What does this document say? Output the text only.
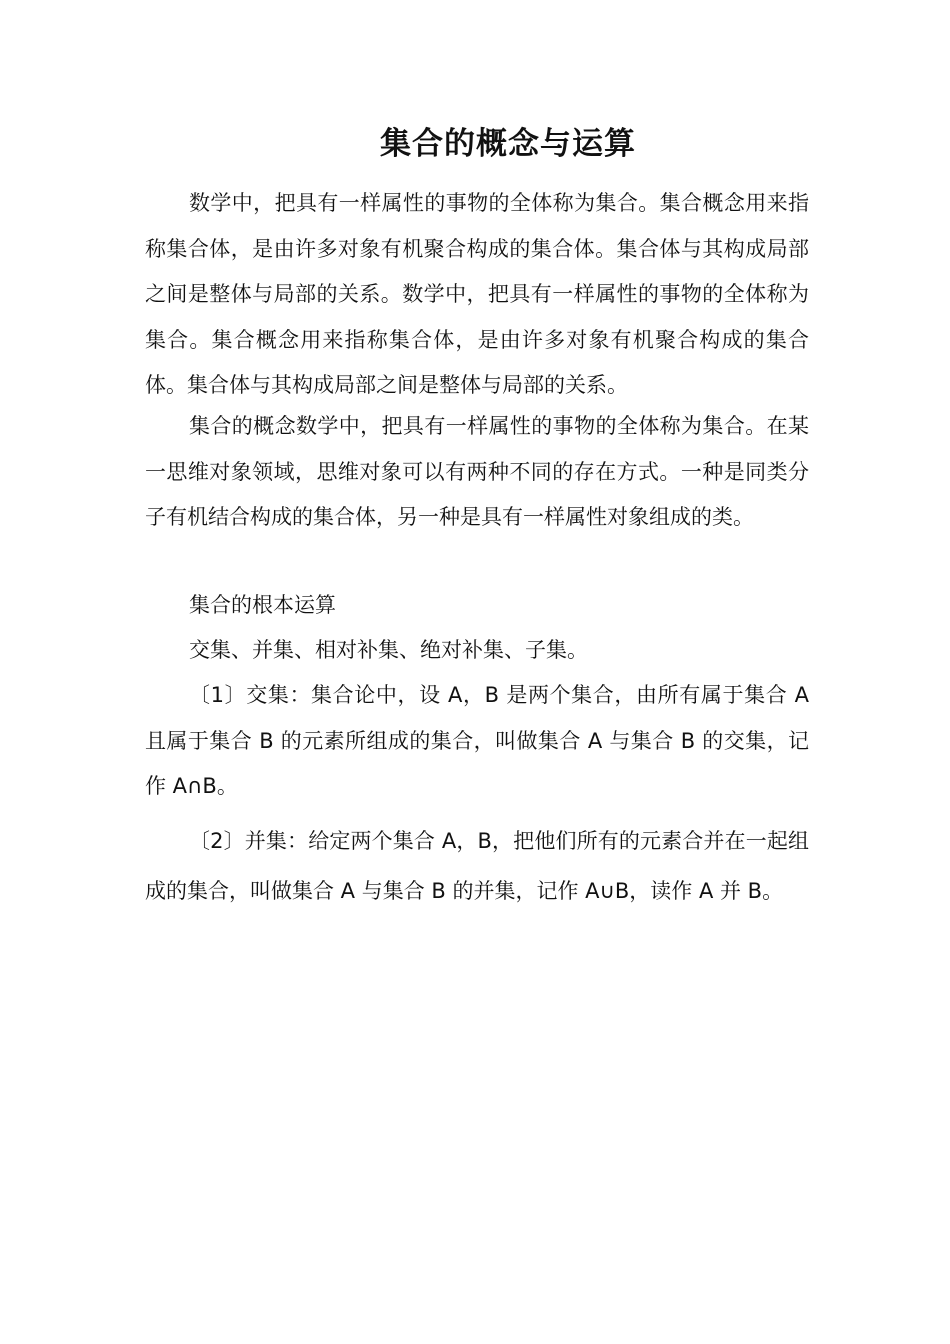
集合的概念与运算

数学中，把具有一样属性的事物的全体称为集合。集合概念用来指称集合体，是由许多对象有机聚合构成的集合体。集合体与其构成局部之间是整体与局部的关系。数学中，把具有一样属性的事物的全体称为集合。集合概念用来指称集合体，是由许多对象有机聚合构成的集合体。集合体与其构成局部之间是整体与局部的关系。

集合的概念数学中，把具有一样属性的事物的全体称为集合。在某一思维对象领域，思维对象可以有两种不同的存在方式。一种是同类分子有机结合构成的集合体，另一种是具有一样属性对象组成的类。

集合的根本运算

交集、并集、相对补集、绝对补集、子集。

〔1〕交集：集合论中，设 A，B 是两个集合，由所有属于集合 A 且属于集合 B 的元素所组成的集合，叫做集合 A 与集合 B 的交集，记作 A∩B。

〔2〕并集：给定两个集合 A，B，把他们所有的元素合并在一起组成的集合，叫做集合 A 与集合 B 的并集，记作 A∪B，读作 A 并 B。
